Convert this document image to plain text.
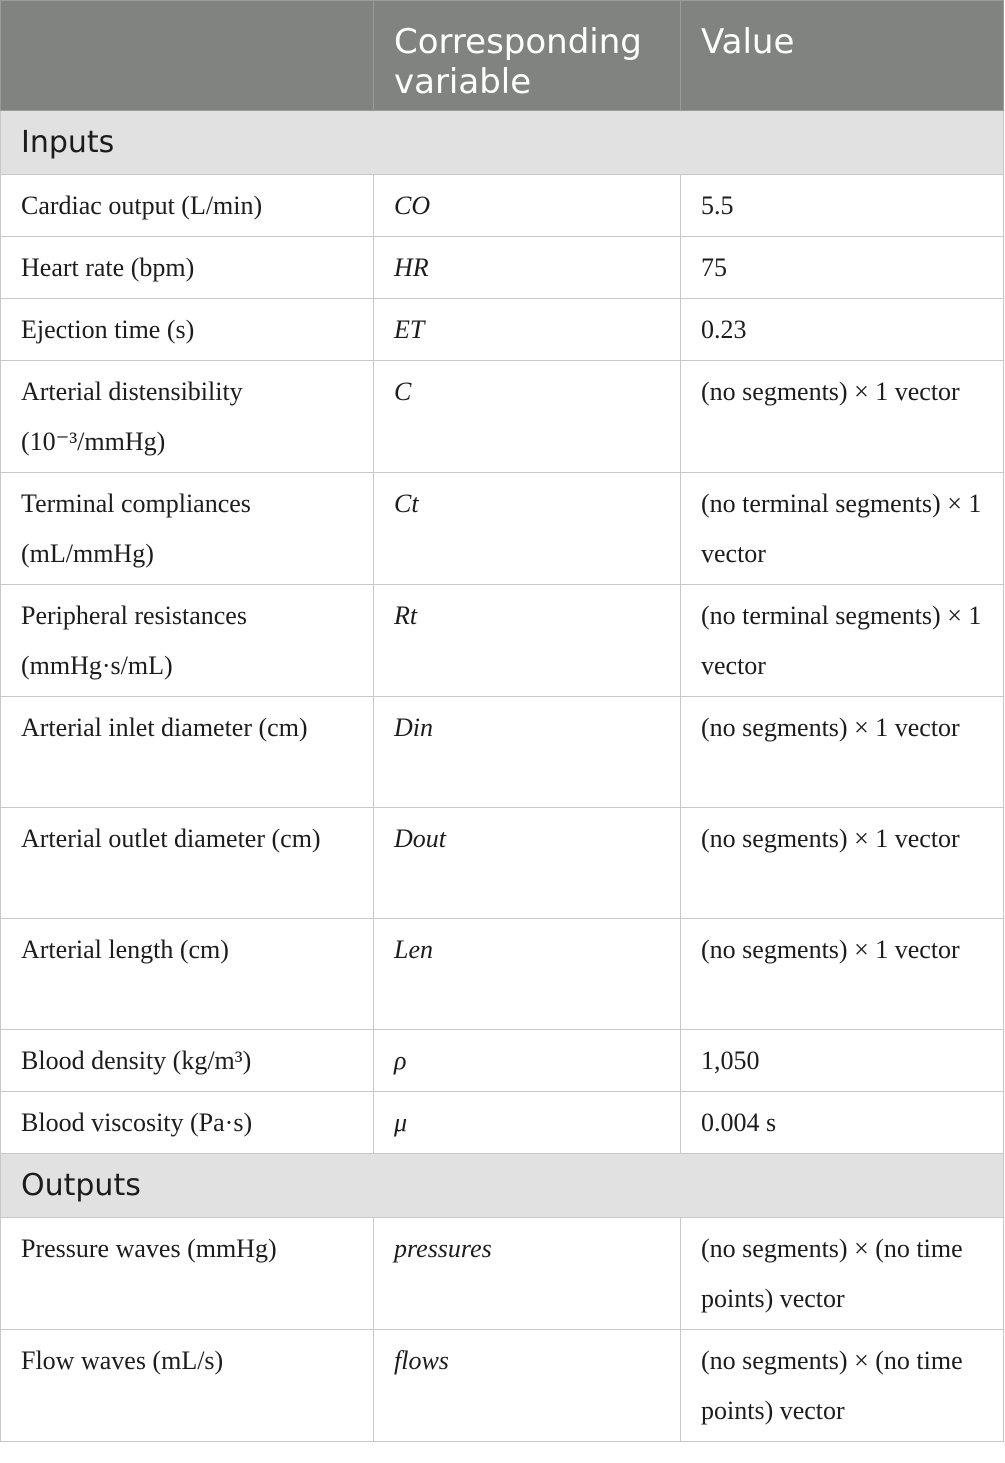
	Corresponding variable	Value
Inputs		
Cardiac output (L/min)	CO	5.5
Heart rate (bpm)	HR	75
Ejection time (s)	ET	0.23
Arterial distensibility (10⁻³/mmHg)	C	(no segments) × 1 vector
Terminal compliances (mL/mmHg)	Ct	(no terminal segments) × 1 vector
Peripheral resistances (mmHg·s/mL)	Rt	(no terminal segments) × 1 vector
Arterial inlet diameter (cm)	Din	(no segments) × 1 vector
Arterial outlet diameter (cm)	Dout	(no segments) × 1 vector
Arterial length (cm)	Len	(no segments) × 1 vector
Blood density (kg/m³)	ρ	1,050
Blood viscosity (Pa·s)	μ	0.004 s
Outputs		
Pressure waves (mmHg)	pressures	(no segments) × (no time points) vector
Flow waves (mL/s)	flows	(no segments) × (no time points) vector
